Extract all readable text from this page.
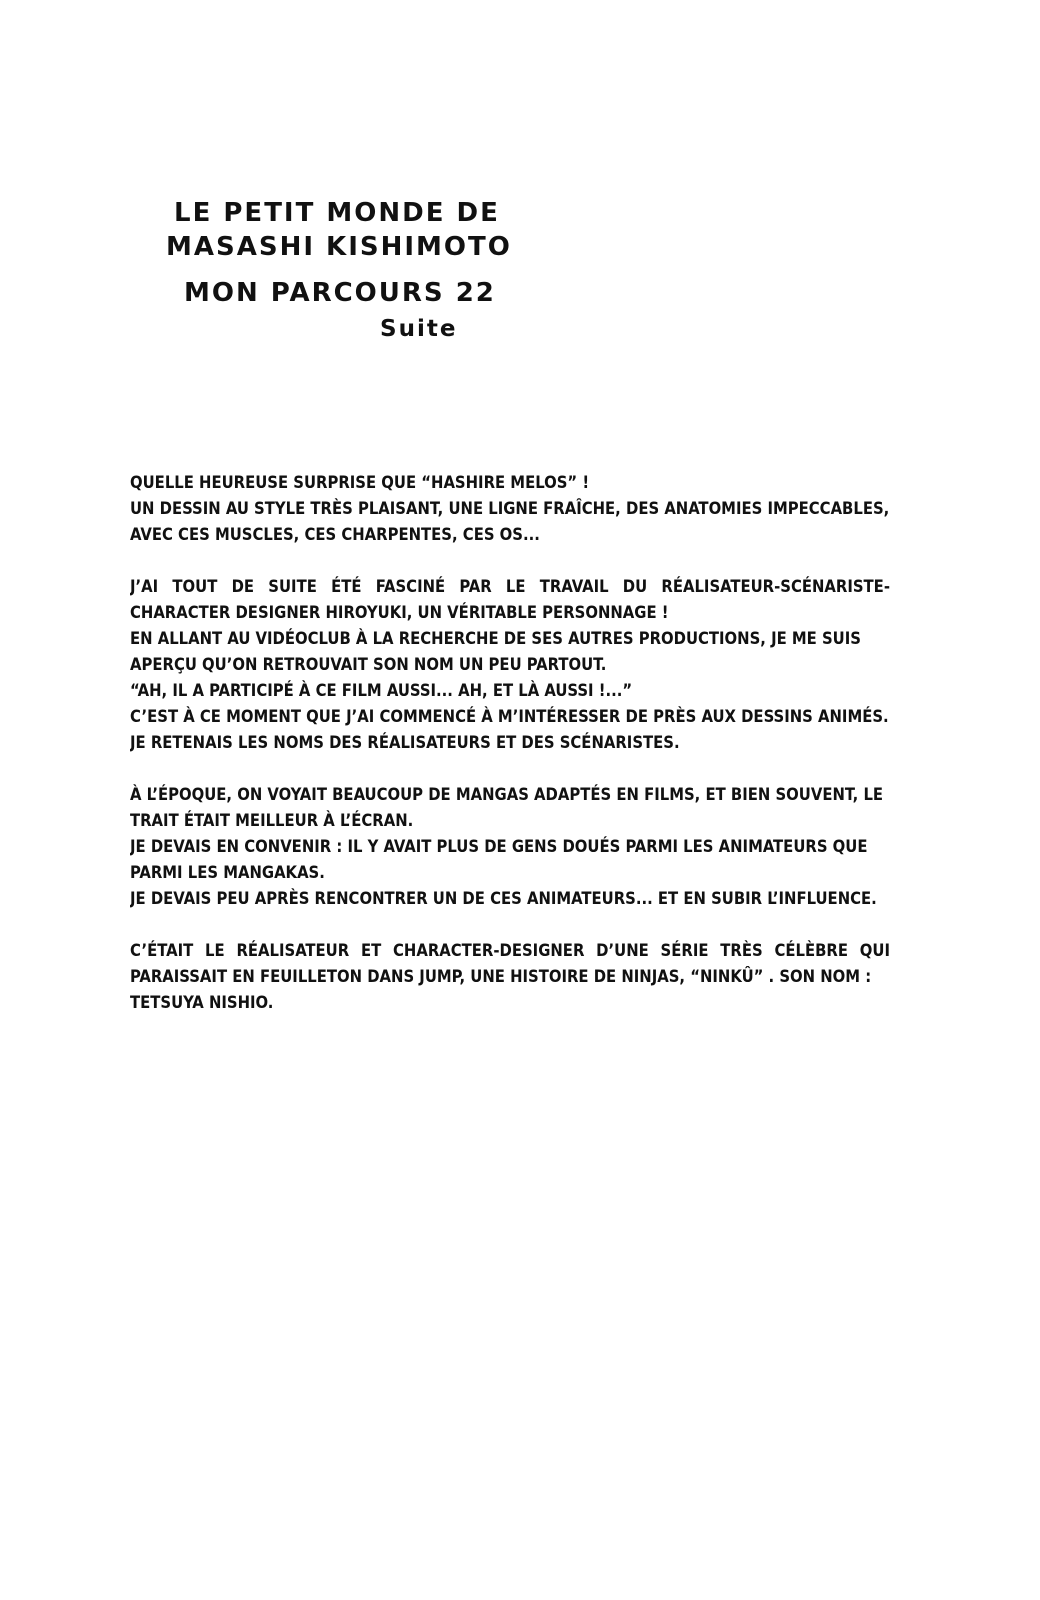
LE PETIT MONDE DE
MASASHI KISHIMOTO
MON PARCOURS 22
Suite
QUELLE HEUREUSE SURPRISE QUE “HASHIRE MELOS” !
UN DESSIN AU STYLE TRÈS PLAISANT, UNE LIGNE FRAÎCHE, DES ANATOMIES IMPECCABLES,
AVEC CES MUSCLES, CES CHARPENTES, CES OS...
J’AI TOUT DE SUITE ÉTÉ FASCINÉ PAR LE TRAVAIL DU RÉALISATEUR-SCÉNARISTE-
CHARACTER DESIGNER HIROYUKI, UN VÉRITABLE PERSONNAGE !
EN ALLANT AU VIDÉOCLUB À LA RECHERCHE DE SES AUTRES PRODUCTIONS, JE ME SUIS
APERÇU QU’ON RETROUVAIT SON NOM UN PEU PARTOUT.
“AH, IL A PARTICIPÉ À CE FILM AUSSI... AH, ET LÀ AUSSI !...”
C’EST À CE MOMENT QUE J’AI COMMENCÉ À M’INTÉRESSER DE PRÈS AUX DESSINS ANIMÉS.
JE RETENAIS LES NOMS DES RÉALISATEURS ET DES SCÉNARISTES.
À L’ÉPOQUE, ON VOYAIT BEAUCOUP DE MANGAS ADAPTÉS EN FILMS, ET BIEN SOUVENT, LE
TRAIT ÉTAIT MEILLEUR À L’ÉCRAN.
JE DEVAIS EN CONVENIR : IL Y AVAIT PLUS DE GENS DOUÉS PARMI LES ANIMATEURS QUE
PARMI LES MANGAKAS.
JE DEVAIS PEU APRÈS RENCONTRER UN DE CES ANIMATEURS... ET EN SUBIR L’INFLUENCE.
C’ÉTAIT LE RÉALISATEUR ET CHARACTER-DESIGNER D’UNE SÉRIE TRÈS CÉLÈBRE QUI
PARAISSAIT EN FEUILLETON DANS JUMP, UNE HISTOIRE DE NINJAS, “NINKÛ” . SON NOM :
TETSUYA NISHIO.
